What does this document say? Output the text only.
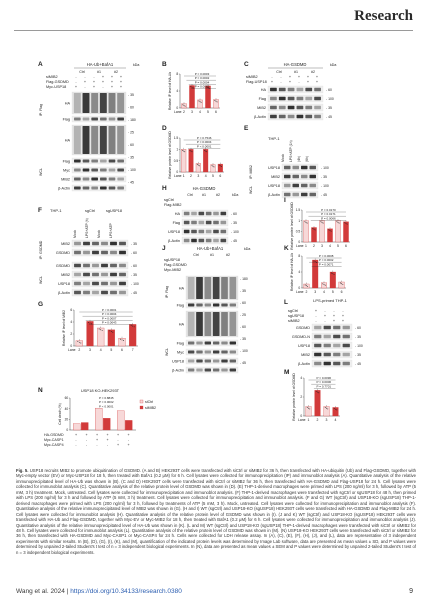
Research
A	HA-Ub+BafA1	kDa
Ctrl	#1	#2
siMIB2	- - - + + +
Flag-GSDMD - + + + + +
Myc-USP18 + - + - + +
HA
Flag
HA
Flag
Myc
MIB2
β-Actin
- 35
- 60
- 180
- 25
- 60
- 35
- 100
- 45
IP: Flag
WCL
B
0
4
8
Relative IP level of HA-Ub
Lane 2 3 4 5 6
P = 0.0003
P = 0.0002
P = 0.0004
P = 0.0002
C	HA-GSDMD	kDa
Ctrl	#1	#2
siMIB2	- - + + + +
Flag-USP18 + - + - + +
HA	- 60
Flag	- 100
MIB2	- 35
β-Actin	- 45
D
0
0.5
1
1.5
Relative protein level of GSDMD Lane 1 2 3 4 5 6
P = 0.7546
P = 0.0004
P < 0.0001
E
THP-1
Mock LPS+ATP (1h) (4h) (6h)
USP18	- 100
MIB2	- 35
USP18	- 100
β-Actin	- 45
IP: MIB2
WCL
F THP-1	sgCtrl	sgUSP18
Mock LPS+ATP (h) Mock LPS+ATP
MIB2	- 35
GSDMD	- 60
GSDMD	- 60
MIB2	- 35
USP18	- 100
β-Actin	- 45
IP: GSDMD
WCL
G
0
2
4
6
Relative IP level of MIB2
Lane 2	3	4	5	6	7
P < 0.0001
P = 0.0004
P = 0.0007
P = 0.0043
H	HA-GSDMD
kDa
Ctrl	#1	#2
sgCtrl
Flag-MIB2
HA	- 60
Flag	- 35
USP18	- 100
β-Actin	- 45
I
0
0.5
1
1.5
Relative protein level of GSDMD Lane 1 2 3 4 5 6
P = 0.0170
P = 0.0171
P = 0.0066
J	HA-Ub+BafA1	kDa
Ctrl	#1	#2
sgUSP18
Flag-GSDMD
Myc-MIB2
HA
Flag
HA
Flag
Myc
USP18
β-Actin
- 180
- 35
- 60
- 25
- 60
- 35
- 100
- 45
IP: Flag
WCL
K
0
4
8
Relative IP level of HA-Ub
Lane 2 3 4 5 6
P = 0.0008
P = 0.0002
P = 0.0071
L	LPS-primed THP-1
sgCtrl	+ - - -
sgUSP18	- + + +
siMIB2	- - + +
GSDMD	- 60
GSDMD-N	- 35
USP18	- 100
MIB2	- 35
β-Actin	- 45
M
0
2
4
Relative protein level of GSDMD Lane 1 2 3 4
P = 0.0096
P = 0.0006
P = 0.7701
N	USP18 KO-HEK293T
0
20
40
60
Cell death (%)
P = 0.8845
P = 0.0002
P < 0.0001
siCtrl
siMIB2
HA-GSDMD	+ + + + + +
Myc-CASP1	-	- + + -	-
Myc-CASP4	-	-	-	- + +
Fig. 5. USP18 recruits MIB2 to promote ubiquitination of GSDMD. (A and B) HEK293T cells were transfected with siCtrl or siMIB2 for 36 h, then transfected with HA-ubiquitin (Ub) and Flag-GSDMD, together with Myc-empty vector (EV) or Myc-USP18 for 18 h, then treated with BafA1 (0.2 μM) for 6 h. Cell lysates were collected for immunoprecipitation (IP) and immunoblot analysis (A). Quantitative analysis of the relative immunoprecipitated level of HA-Ub was shown in (B). (C and D) HEK293T cells were transfected with siCtrl or siMIB2 for 36 h, then transfected with HA-GSDMD and Flag-USP18 for 24 h. Cell lysates were collected for immunoblot analysis (C). Quantitative analysis of the relative protein level of GSDMD was shown in (D). (E) THP-1-derived macrophages were primed with LPS (200 ng/ml) for 3 h, followed by ATP (5 mM, 3 h) treatment. Mock, untreated. Cell lysates were collected for immunoprecipitation and immunoblot analysis. (F) THP-1-derived macrophages were transfected with sgCtrl or sgUSP18 for 48 h, then primed with LPS (200 ng/ml) for 3 h and followed by ATP (5 mM, 3 h) treatment. Cell lysates were collected for immunoprecipitation and immunoblot analysis. (F and G) WT (sgCtrl) and USP18-KO (sgUSP18) THP-1-derived macrophages were primed with LPS (200 ng/ml) for 3 h, followed by treatments of ATP (5 mM, 3 h). Mock, untreated. Cell lysates were collected for immunoprecipitation and immunoblot analysis (F). Quantitative analysis of the relative immunoprecipitated level of MIB2 was shown in (G). (H and I) WT (sgCtrl) and USP18-KO (sgUSP18) HEK293T cells were transfected with HA-GSDMD and Flag-MIB2 for 24 h. Cell lysates were collected for immunoblot analysis (H). Quantitative analysis of the relative protein level of GSDMD was shown in (I). (J and K) WT (sgCtrl) and USP18-KO (sgUSP18) HEK293T cells were transfected with HA-Ub and Flag-GSDMD, together with Myc-EV or Myc-MIB2 for 18 h, then treated with BafA1 (0.2 μM) for 6 h. Cell lysates were collected for immunoprecipitation and immunoblot analysis (J). Quantitative analysis of the relative immunoprecipitated level of HA-Ub was shown in (K). (L and M) WT (sgCtrl) and USP18-KO (sgUSP18) THP-1-derived macrophages were transfected with siCtrl or siMIB2 for 48 h. Cell lysates were collected for immunoblot analysis (L). Quantitative analysis of the relative protein level of GSDMD was shown in (M). (N) USP18-KO HEK293T cells were transfected with siCtrl or siMIB2 for 36 h, then transfected with HA-GSDMD and Myc-CASP1 or Myc-CASP4 for 24 h. Cells were collected for LDH release assay. In (A), (C), (E), (F), (H), (J), and (L), data are representative of 3 independent experiments with similar results. In (B), (D), (G), (I), (K), and (M), quantification of the indicated protein levels was determined by Image Lab software, data are presented as mean values ± SD, and P values were determined by unpaired 2-tailed Student's t test of n = 3 independent biological experiments. In (N), data are presented as mean values ± SEM and P values were determined by unpaired 2-tailed Student's t test of n = 3 independent biological experiments.
Wang et al. 2024 | https://doi.org/10.34133/research.0380	9
